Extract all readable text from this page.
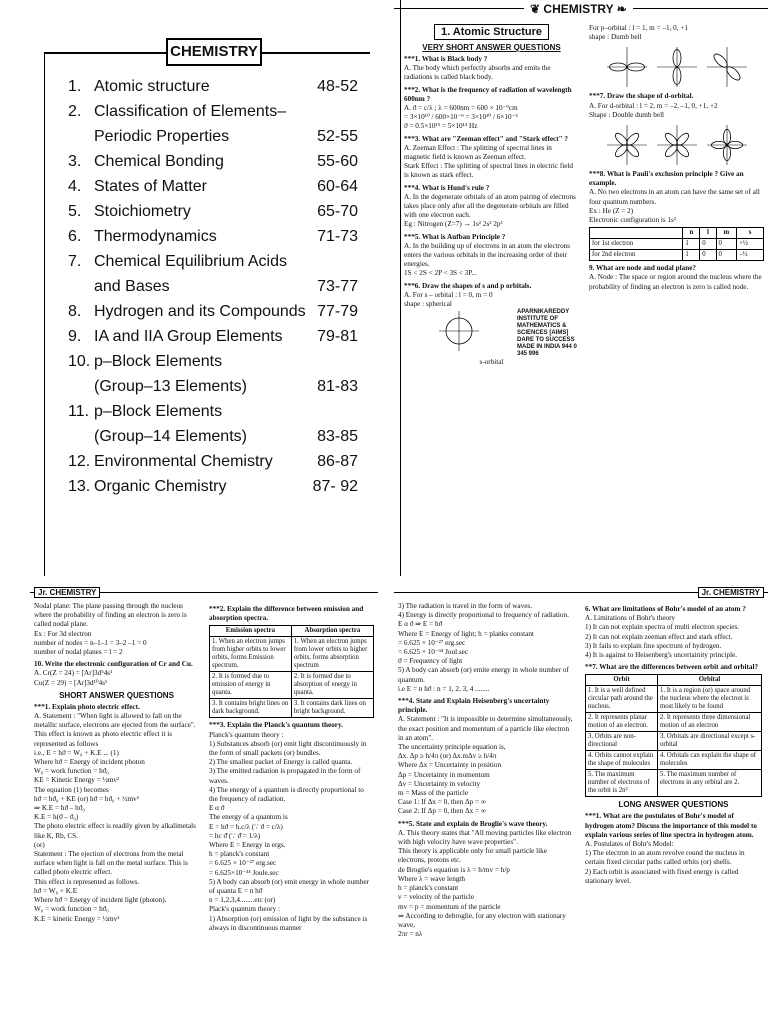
CHEMISTRY
1. Atomic structure	48-52
2. Classification of Elements–
Periodic Properties	52-55
3. Chemical Bonding	55-60
4. States of Matter	60-64
5. Stoichiometry	65-70
6. Thermodynamics	71-73
7. Chemical Equilibrium Acids
and Bases	73-77
8. Hydrogen and its Compounds 77-79
9. IA and IIA Group Elements 79-81
10. p–Block Elements
(Group–13 Elements)	81-83
11. p–Block Elements
(Group–14 Elements)	83-85
12. Environmental Chemistry	86-87
13. Organic Chemistry	87- 92
❦ CHEMISTRY ❧
1. Atomic Structure
VERY SHORT ANSWER QUESTIONS
***1. What is Black body ?
A. The body which perfectly absorbs and emits the radiations is called black body.
***2. What is the frequency of radiation of wavelength 600nm ?
A. ϑ = c/λ ; λ = 600nm = 600 × 10⁻⁹cm
= 3×10¹⁰ / 600×10⁻⁹ = 3×10¹⁰ / 6×10⁻⁵
ϑ = 0.5×10¹⁵ = 5×10¹⁴ Hz
***3. What are "Zeeman effect" and "Stark effect" ?
A. Zeeman Effect : The splitting of spectral lines in magnetic field is known as Zeeman effect.
Stark Effect : The splitting of spectral lines in electric field is known as stark effect.
***4. What is Hund's rule ?
A. In the degenerate orbitals of an atom pairing of electrons takes place only after all the degenerate orbitals are filled with one electron each.
Eg : Nitrogen (Z=7) → 1s² 2s² 2p³
***5. What is Aufbau Principle ?
A. In the building up of electrons in an atom the electrons enters the various orbitals in the increasing order of their energies.
1S < 2S < 2P < 3S < 3P...
***6. Draw the shapes of s and p orbitals.
A. For s – orbital : l = 0, m = 0
shape : spherical
APARNIKAREDDY INSTITUTE OF MATHEMATICS & SCIENCES [AIMS] DARE TO SUCCESS MADE IN INDIA 944 0 345 996
s-orbital
For p–orbital : l = 1, m = –1, 0, +1
shape : Dumb bell
***7. Draw the shape of d-orbital.
A. For d-orbital : l = 2, m = –2, –1, 0, +1, +2
Shape : Double dumb bell
***8. What is Pauli's exclusion principle ? Give an example.
A. No two electrons in an atom can have the same set of all four quantum numbers.
Ex : He (Z = 2)
Electronic configuration is 1s²
	n	l	m	s
for 1st electron	1	0	0	+½
for 2nd electron	1	0	0	–½
9. What are node and nodal plane?
A. Node : The space or region around the nucleus where the probability of finding an electron is zero is called node.
Jr. CHEMISTRY
Nodal plane: The plane passing through the nucleus where the probability of finding an electron is zero is called nodal plane.
Ex : For 3d electron
number of nodes = n–1–1 = 3–2 –1 = 0
number of nodal planes = l = 2
10. Write the electronic configuration of Cr and Cu.
A. Cr(Z = 24) = [Ar]3d⁵4s¹
Cu(Z = 29) = [Ar]3d¹⁰4s¹
SHORT ANSWER QUESTIONS
***1. Explain photo electric effect.
A. Statement : "When light is allowed to fall on the metallic surface, electrons are ejected from the surface". This effect is known as photo electric effect it is represented as follows
i.e., E = hϑ = W₀ + K.E ... (1)
Where hϑ = Energy of incident photon
W₀ = work function = hϑ₀
KE = Kinetic Energy = ½mv²
The equation (1) becomes
hϑ = hϑ₀ + KE (or) hϑ = hϑ₀ + ½mv²
⇒ K.E = hϑ – hϑ₀
K.E = h(ϑ – ϑ₀)
The photo electric effect is readily given by alkalimetals like K, Rb, CS.
(or)
Statement : The ejection of electrons from the metal surface when light is fall on the metal surface. This is called photo electric effect.
This effect is represented as follows.
hϑ = W₀ + K.E
Where hϑ = Energy of incident light (photon).
W₀ = work function = hϑ₀
K.E = kinetic Energy = ½mv²
***2. Explain the difference between emission and absorption spectra.
Emission spectra	Absorption spectra
1. When an electron jumps from higher orbits to lower orbits, forms Emission spectrum.	1. When an electron jumps from lower orbits to higher orbits, forms absorption spectrum
2. It is formed due to emission of energy in quanta.	2. It is formed due to absorption of energy in quanta.
3. It contains bright lines on dark background.	3. It contains dark lines on bright background.
***3. Explain the Planck's quantum theory.
Planck's quantum theory :
1) Substances absorb (or) emit light discontinuously in the form of small packets (or) bundles.
2) The smallest packet of Energy is called quanta.
3) The emitted radiation is propagated in the form of waves.
4) The energy of a quantum is directly proportional to the frequency of radiation.
E α ϑ
The energy of a quantum is
E = hϑ = h.c/λ (∵ ϑ = c/λ)
= hc ϑ̄ (∵ ϑ̄ = 1/λ)
Where E = Energy in ergs.
h = planck's constant
= 6.625 × 10⁻²⁷ erg.sec
= 6.625×10⁻³⁴ Joule.sec
5) A body can absorb (or) emit energy in whole number of quanta E = n hϑ
n = 1,2,3,4........etc (or)
Plack's quantum theory :
1) Absorption (or) emission of light by the substance is always in discontinuous manner
Jr. CHEMISTRY
3) The radiation is travel in the form of waves.
4) Energy is directly proportional to frequency of radiation.
E α ϑ ⇒ E = hϑ
Where E = Energy of light; h = planks constant
= 6.625 × 10⁻²⁷ erg.sec
= 6.625 × 10⁻³⁴ Joul.sec
ϑ = Frequency of light
5) A body can absorb (or) emite energy in whole number of quantum.
i.e E = n hϑ : n = 1, 2, 3, 4 ........
***4. State and Explain Heisenberg's uncertainty principle.
A. Statement : "It is impossible to determine simultaneously, the exact position and momentum of a particle like electron in an atom".
The uncertainty principle equation is,
Δx. Δp ≥ h/4π (or) Δx.mΔv ≥ h/4π
Where Δx = Uncertainty in position
Δp = Uncertainty in momentum
Δv = Uncertainty in velocity
m = Mass of the particle
Case 1: If Δx = 0, then Δp = ∞
Case 2: If Δp = 0, then Δx = ∞
***5. State and explain de Broglie's wave theory.
A. This theory states that "All moving particles like electron with high velocity have wave properties".
This theory is applicable only for small particle like electrons, protons etc.
de Broglie's equation is λ = h/mv = h/p
Where λ = wave length
h = planck's constant
v = velocity of the particle
mv = p = momentum of the particle
⇒ According to debroglie, for any electron with stationary wave,
2πr = nλ
6. What are limitations of Bohr's model of an atom ?
A. Limitations of Bohr's theory
1) It can not explain spectra of multi electron species.
2) It can not explain zeeman effect and stark effect.
3) It fails to explain fine spectrum of hydrogen.
4) It is against to Heisenberg's uncertainity principle.
**7. What are the differences between orbit and orbital?
Orbit	Orbital
1. It is a well defined circular path around the nucleus.	1. It is a region (or) space around the nucleus where the electron is most likely to be found
2. It represents planar motion of an electron.	2. It represents three dimensional motion of an electron
3. Orbits are non-directional	3. Orbitals are directional except s-orbital
4. Orbits cannot explain the shape of molecules	4. Orbitals can explain the shape of molecules
5. The maximum number of electrons of the orbit is 2n²	5. The maximum number of electrons in any orbital are 2.
LONG ANSWER QUESTIONS
***1. What are the postulates of Bohr's model of hydrogen atom? Discuss the importance of this model to explain various series of line spectra in hydrogen atom.
A. Postulates of Bohr's Model:
1) The electron in an atom revolve round the nucleus in certain fixed circular paths called orbits (or) shells.
2) Each orbit is associated with fixed energy is called stationary level.
